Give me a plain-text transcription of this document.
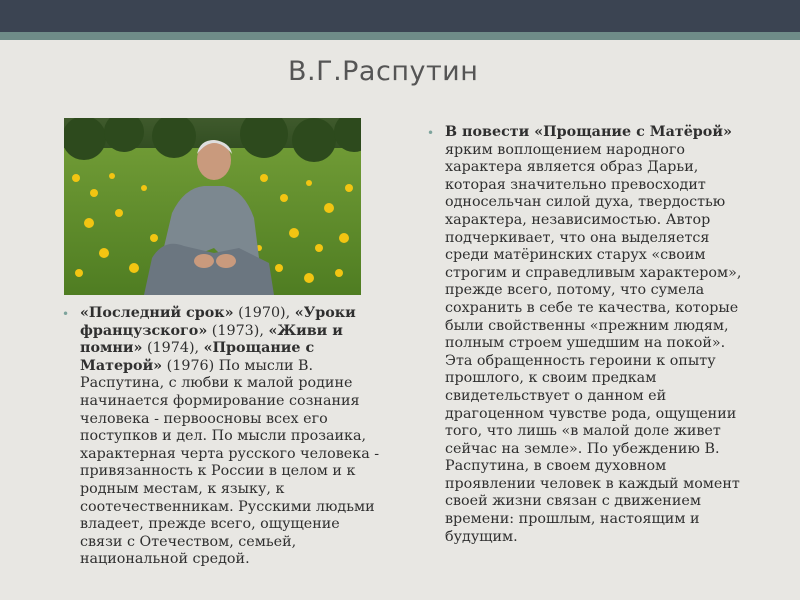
В.Г.Распутин
• «Последний срок» (1970), «Уроки французского» (1973), «Живи и помни» (1974), «Прощание с Матерой» (1976) По мысли В. Распутина, с любви к малой родине начинается формирование сознания человека - первоосновы всех его поступков и дел. По мысли прозаика, характерная черта русского человека - привязанность к России в целом и к родным местам, к языку, к соотечественникам. Русскими людьми владеет, прежде всего, ощущение связи с Отечеством, семьей, национальной средой.
• В повести «Прощание с Матёрой» ярким воплощением народного характера является образ Дарьи, которая значительно превосходит односельчан силой духа, твердостью характера, независимостью. Автор подчеркивает, что она выделяется среди матёринских старух «своим строгим и справедливым характером», прежде всего, потому, что сумела сохранить в себе те качества, которые были свойственны «прежним людям, полным строем ушедшим на покой». Эта обращенность героини к опыту прошлого, к своим предкам свидетельствует о данном ей драгоценном чувстве рода, ощущении того, что лишь «в малой доле живет сейчас на земле». По убеждению В. Распутина, в своем духовном проявлении человек в каждый момент своей жизни связан с движением времени: прошлым, настоящим и будущим.
